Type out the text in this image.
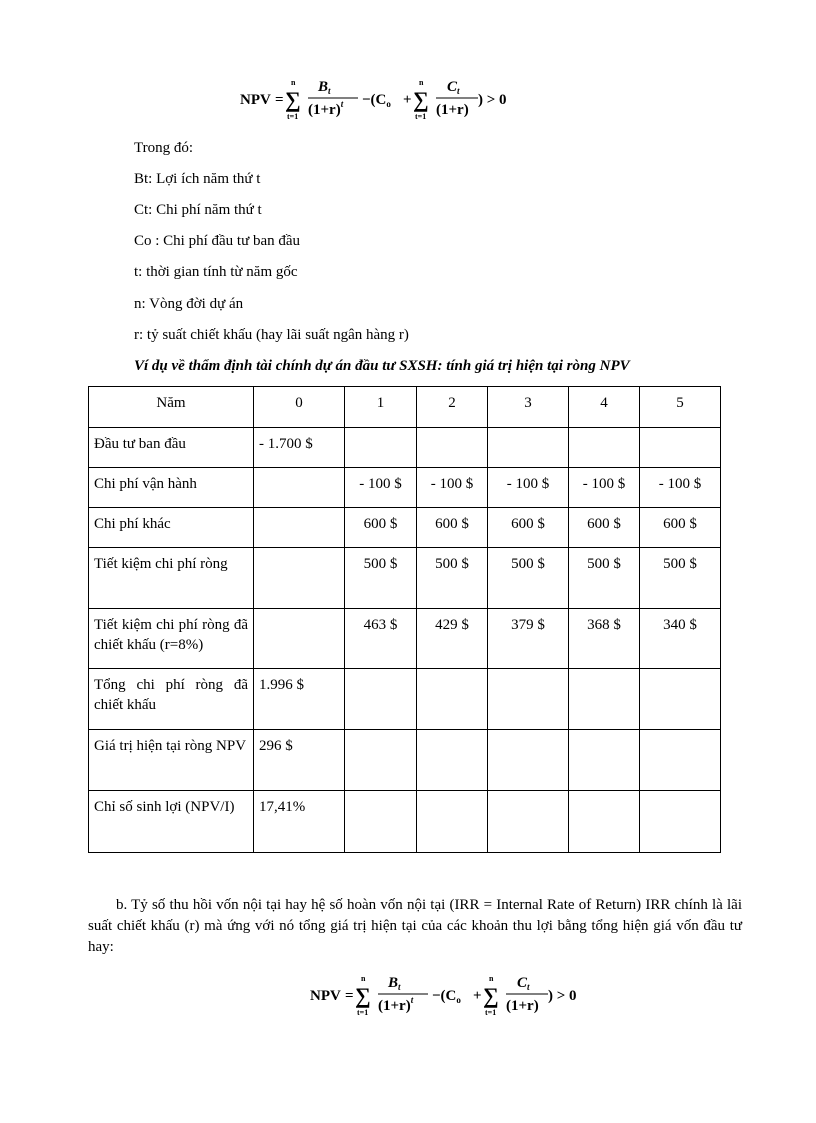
NPV = ∑
n
t=1
$B_t$
$(1+r)^t -(C_o$ + ∑
n
t=1
$C_t$
(1+r)
) > 0
Trong đó:
Bt: Lợi ích năm thứ t
Ct: Chi phí năm thứ t
Co : Chi phí đầu tư ban đầu
t: thời gian tính từ năm gốc
n: Vòng đời dự án
r: tỷ suất chiết khấu (hay lãi suất ngân hàng r)
Ví dụ về thẩm định tài chính dự án đầu tư SXSH: tính giá trị hiện tại ròng NPV
Năm	0	1	2	3	4	5
Đầu tư ban đầu	- 1.700 $					
Chi phí vận hành		- 100 $	- 100 $	- 100 $	- 100 $	- 100 $
Chi phí khác		600 $	600 $	600 $	600 $	600 $
Tiết kiệm chi phí ròng		500 $	500 $	500 $	500 $	500 $
Tiết kiệm chi phí ròng đã chiết khấu (r=8%)		463 $	429 $	379 $	368 $	340 $
Tổng chi phí ròng đã chiết khấu	1.996 $					
Giá trị hiện tại ròng NPV	296 $					
Chỉ số sinh lợi (NPV/I)	17,41%					
b. Tỷ số thu hồi vốn nội tại hay hệ số hoàn vốn nội tại (IRR = Internal Rate of Return) IRR chính là lãi suất chiết khấu (r) mà ứng với nó tổng giá trị hiện tại của các khoản thu lợi bằng tổng hiện giá vốn đầu tư hay:
NPV = ∑
n
t=1
$B_t$
$(1+r)^t -(C_o$ + ∑
n
t=1
$C_t$
(1+r)
) > 0
